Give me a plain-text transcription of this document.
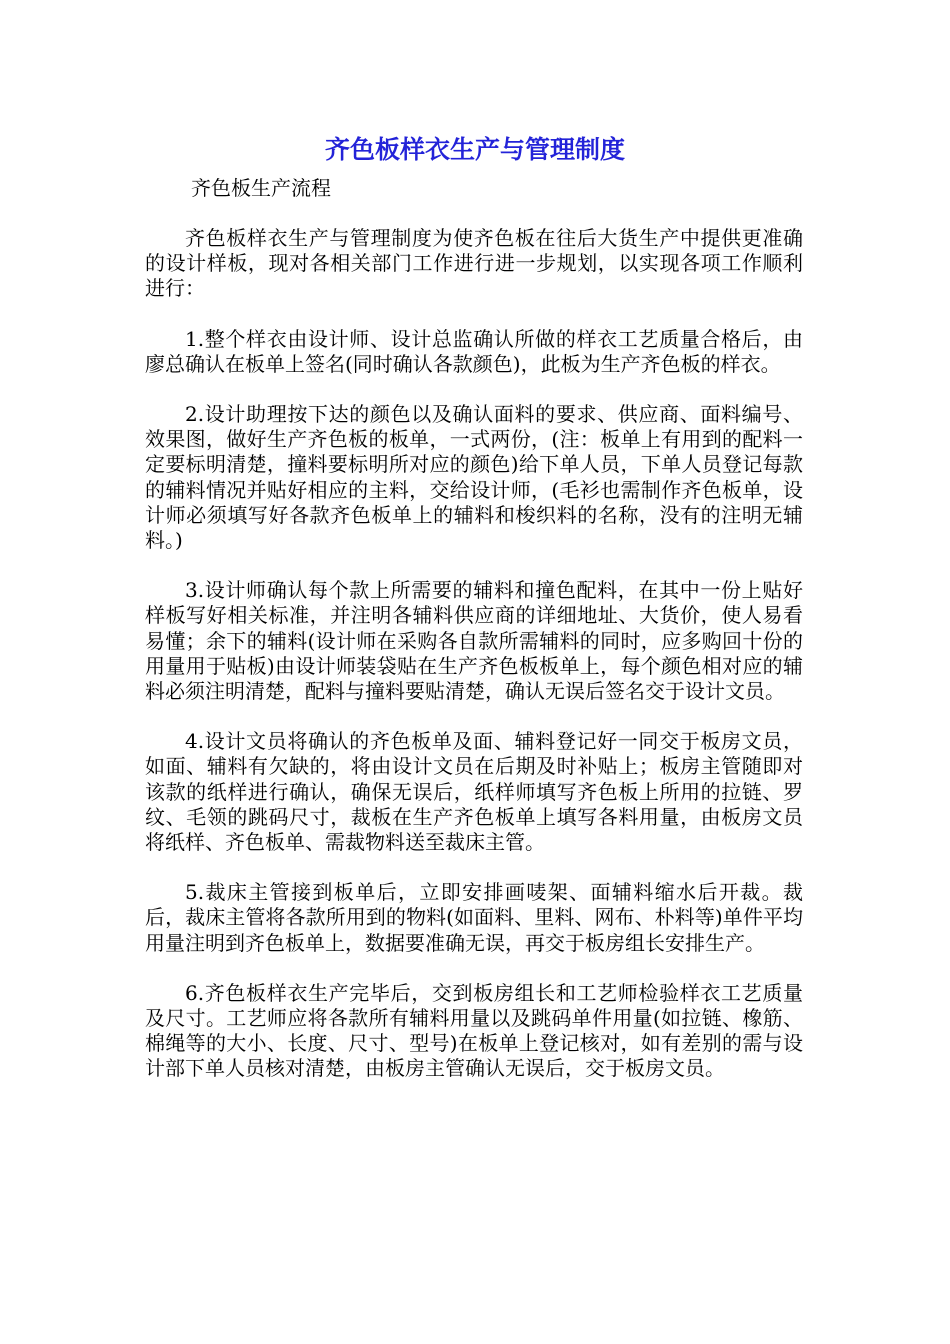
齐色板样衣生产与管理制度
齐色板生产流程

齐色板样衣生产与管理制度为使齐色板在往后大货生产中提供更准确的设计样板，现对各相关部门工作进行进一步规划，以实现各项工作顺利进行：

1.整个样衣由设计师、设计总监确认所做的样衣工艺质量合格后，由廖总确认在板单上签名(同时确认各款颜色)，此板为生产齐色板的样衣。

2.设计助理按下达的颜色以及确认面料的要求、供应商、面料编号、效果图，做好生产齐色板的板单，一式两份，(注：板单上有用到的配料一定要标明清楚，撞料要标明所对应的颜色)给下单人员，下单人员登记每款的辅料情况并贴好相应的主料，交给设计师，(毛衫也需制作齐色板单，设计师必须填写好各款齐色板单上的辅料和梭织料的名称，没有的注明无辅料。)

3.设计师确认每个款上所需要的辅料和撞色配料，在其中一份上贴好样板写好相关标准，并注明各辅料供应商的详细地址、大货价，使人易看易懂；余下的辅料(设计师在采购各自款所需辅料的同时，应多购回十份的用量用于贴板)由设计师装袋贴在生产齐色板板单上，每个颜色相对应的辅料必须注明清楚，配料与撞料要贴清楚，确认无误后签名交于设计文员。

4.设计文员将确认的齐色板单及面、辅料登记好一同交于板房文员，如面、辅料有欠缺的，将由设计文员在后期及时补贴上；板房主管随即对该款的纸样进行确认，确保无误后，纸样师填写齐色板上所用的拉链、罗纹、毛领的跳码尺寸，裁板在生产齐色板单上填写各料用量，由板房文员将纸样、齐色板单、需裁物料送至裁床主管。

5.裁床主管接到板单后，立即安排画唛架、面辅料缩水后开裁。裁后，裁床主管将各款所用到的物料(如面料、里料、网布、朴料等)单件平均用量注明到齐色板单上，数据要准确无误，再交于板房组长安排生产。

6.齐色板样衣生产完毕后，交到板房组长和工艺师检验样衣工艺质量及尺寸。工艺师应将各款所有辅料用量以及跳码单件用量(如拉链、橡筋、棉绳等的大小、长度、尺寸、型号)在板单上登记核对，如有差别的需与设计部下单人员核对清楚，由板房主管确认无误后，交于板房文员。
